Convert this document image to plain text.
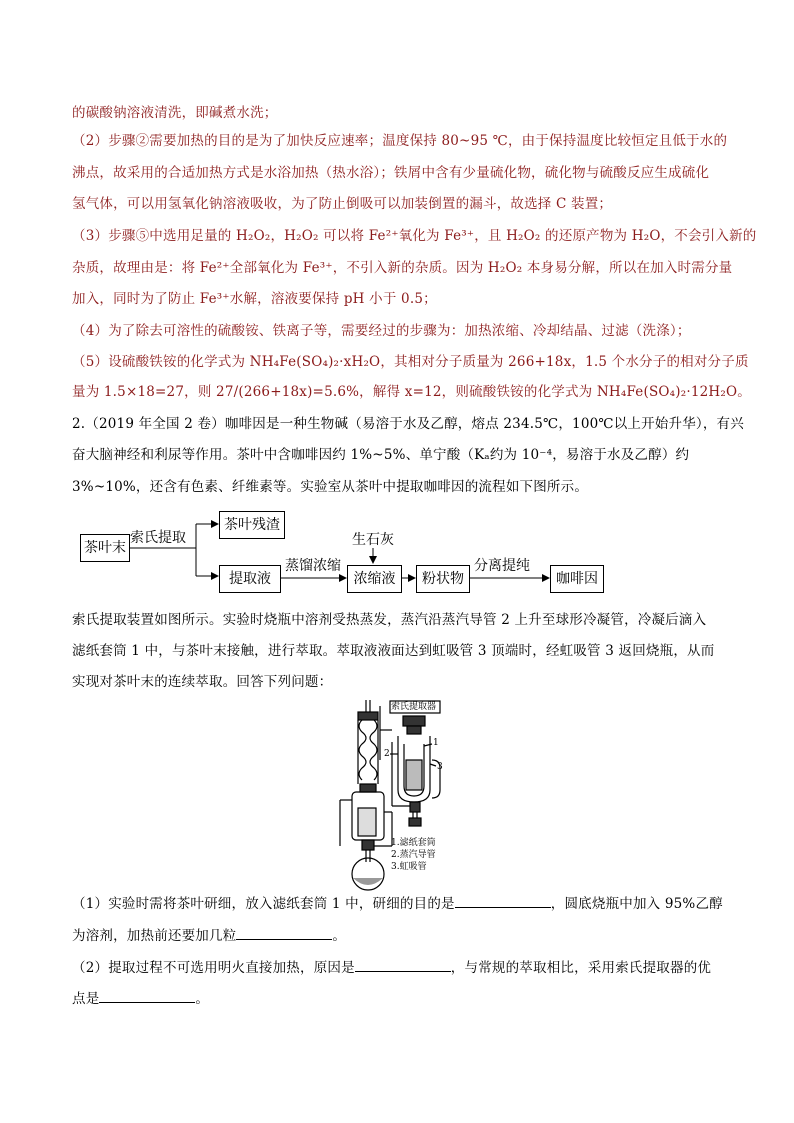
的碳酸钠溶液清洗，即碱煮水洗；
（2）步骤②需要加热的目的是为了加快反应速率；温度保持 80~95 ℃，由于保持温度比较恒定且低于水的
沸点，故采用的合适加热方式是水浴加热（热水浴）；铁屑中含有少量硫化物，硫化物与硫酸反应生成硫化
氢气体，可以用氢氧化钠溶液吸收，为了防止倒吸可以加装倒置的漏斗，故选择 C 装置；
（3）步骤⑤中选用足量的 H₂O₂，H₂O₂ 可以将 Fe²⁺氧化为 Fe³⁺，且 H₂O₂ 的还原产物为 H₂O，不会引入新的
杂质，故理由是：将 Fe²⁺全部氧化为 Fe³⁺，不引入新的杂质。因为 H₂O₂ 本身易分解，所以在加入时需分量
加入，同时为了防止 Fe³⁺水解，溶液要保持 pH 小于 0.5；
（4）为了除去可溶性的硫酸铵、铁离子等，需要经过的步骤为：加热浓缩、冷却结晶、过滤（洗涤）；
（5）设硫酸铁铵的化学式为 NH₄Fe(SO₄)₂·xH₂O，其相对分子质量为 266+18x，1.5 个水分子的相对分子质
量为 1.5×18=27，则 27/(266+18x)=5.6%，解得 x=12，则硫酸铁铵的化学式为 NH₄Fe(SO₄)₂·12H₂O。
2.（2019 年全国 2 卷）咖啡因是一种生物碱（易溶于水及乙醇，熔点 234.5℃，100℃以上开始升华），有兴
奋大脑神经和利尿等作用。茶叶中含咖啡因约 1%~5%、单宁酸（Kₐ约为 10⁻⁴，易溶于水及乙醇）约
3%~10%，还含有色素、纤维素等。实验室从茶叶中提取咖啡因的流程如下图所示。
茶叶末
茶叶残渣
提取液	浓缩液	粉状物	咖啡因
索氏提取
蒸馏浓缩
生石灰
分离提纯
索氏提取装置如图所示。实验时烧瓶中溶剂受热蒸发，蒸汽沿蒸汽导管 2 上升至球形冷凝管，冷凝后滴入
滤纸套筒 1 中，与茶叶末接触，进行萃取。萃取液液面达到虹吸管 3 顶端时，经虹吸管 3 返回烧瓶，从而
实现对茶叶末的连续萃取。回答下列问题：
索氏提取器
1
2
3
1.滤纸套筒
2.蒸汽导管
3.虹吸管
（1）实验时需将茶叶研细，放入滤纸套筒 1 中，研细的目的是	，圆底烧瓶中加入 95%乙醇
为溶剂，加热前还要加几粒	。
（2）提取过程不可选用明火直接加热，原因是	，与常规的萃取相比，采用索氏提取器的优
点是	。
